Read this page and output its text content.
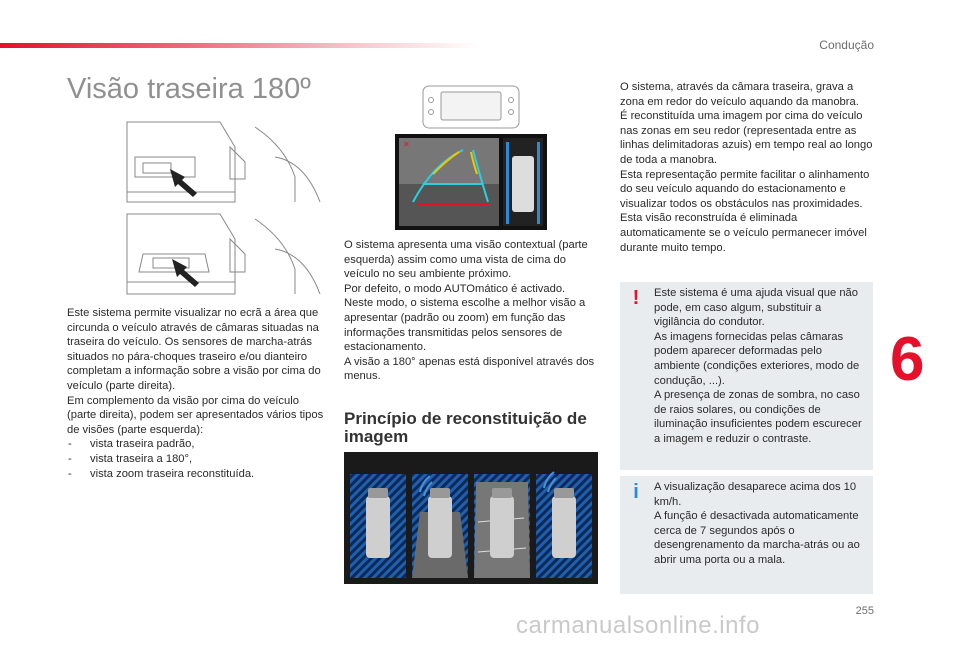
Condução
6
Visão traseira 180º
✕

Este sistema permite visualizar no ecrã a área que circunda o veículo através de câmaras situadas na traseira do veículo. Os sensores de marcha-atrás situados no pára-choques traseiro e/ou dianteiro completam a informação sobre a visão por cima do veículo (parte direita).

Em complemento da visão por cima do veículo (parte direita), podem ser apresentados vários tipos de visões (parte esquerda):

- vista traseira padrão,
- vista traseira a 180°,
- vista zoom traseira reconstituída.

O sistema apresenta uma visão contextual (parte esquerda) assim como uma vista de cima do veículo no seu ambiente próximo.

Por defeito, o modo AUTOmático é activado.

Neste modo, o sistema escolhe a melhor visão a apresentar (padrão ou zoom) em função das informações transmitidas pelos sensores de estacionamento.

A visão a 180° apenas está disponível através dos menus.

Princípio de reconstituição de imagem

O sistema, através da câmara traseira, grava a zona em redor do veículo aquando da manobra.

É reconstituída uma imagem por cima do veículo nas zonas em seu redor (representada entre as linhas delimitadoras azuis) em tempo real ao longo de toda a manobra.

Esta representação permite facilitar o alinhamento do seu veículo aquando do estacionamento e visualizar todos os obstáculos nas proximidades.

Esta visão reconstruída é eliminada automaticamente se o veículo permanecer imóvel durante muito tempo.

!	Este sistema é uma ajuda visual que não pode, em caso algum, substituir a vigilância do condutor.

As imagens fornecidas pelas câmaras podem aparecer deformadas pelo ambiente (condições exteriores, modo de condução, ...).

A presença de zonas de sombra, no caso de raios solares, ou condições de iluminação insuficientes podem escurecer a imagem e reduzir o contraste.

i	A visualização desaparece acima dos 10 km/h.

A função é desactivada automaticamente cerca de 7 segundos após o desengrenamento da marcha-atrás ou ao abrir uma porta ou a mala.

255
carmanualsonline.info
